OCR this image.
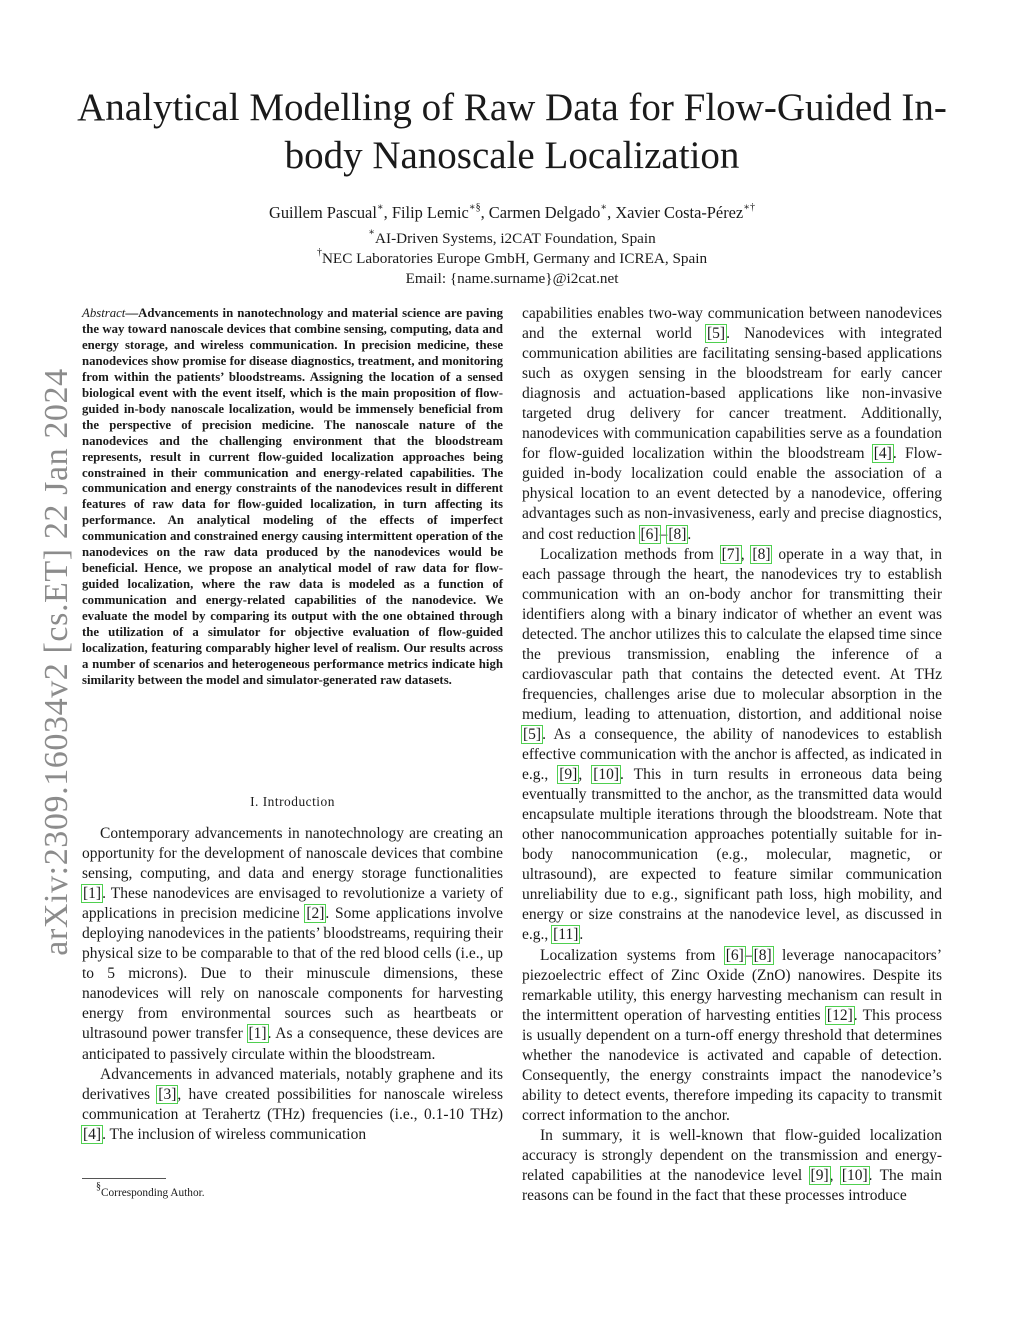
arXiv:2309.16034v2 [cs.ET] 22 Jan 2024
Analytical Modelling of Raw Data for Flow-Guided In-body Nanoscale Localization
Guillem Pascual∗, Filip Lemic∗§, Carmen Delgado∗, Xavier Costa-Pérez∗†
∗AI-Driven Systems, i2CAT Foundation, Spain
†NEC Laboratories Europe GmbH, Germany and ICREA, Spain
Email: {name.surname}@i2cat.net
Abstract—Advancements in nanotechnology and material science are paving the way toward nanoscale devices that combine sensing, computing, data and energy storage, and wireless communication. In precision medicine, these nanodevices show promise for disease diagnostics, treatment, and monitoring from within the patients’ bloodstreams. Assigning the location of a sensed biological event with the event itself, which is the main proposition of flow-guided in-body nanoscale localization, would be immensely beneficial from the perspective of precision medicine. The nanoscale nature of the nanodevices and the challenging environment that the bloodstream represents, result in current flow-guided localization approaches being constrained in their communication and energy-related capabilities. The communication and energy constraints of the nanodevices result in different features of raw data for flow-guided localization, in turn affecting its performance. An analytical modeling of the effects of imperfect communication and constrained energy causing intermittent operation of the nanodevices on the raw data produced by the nanodevices would be beneficial. Hence, we propose an analytical model of raw data for flow-guided localization, where the raw data is modeled as a function of communication and energy-related capabilities of the nanodevice. We evaluate the model by comparing its output with the one obtained through the utilization of a simulator for objective evaluation of flow-guided localization, featuring comparably higher level of realism. Our results across a number of scenarios and heterogeneous performance metrics indicate high similarity between the model and simulator-generated raw datasets.
I. Introduction

Contemporary advancements in nanotechnology are creating an opportunity for the development of nanoscale devices that combine sensing, computing, and data and energy storage functionalities [1]. These nanodevices are envisaged to revolutionize a variety of applications in precision medicine [2]. Some applications involve deploying nanodevices in the patients’ bloodstreams, requiring their physical size to be comparable to that of the red blood cells (i.e., up to 5 microns). Due to their minuscule dimensions, these nanodevices will rely on nanoscale components for harvesting energy from environmental sources such as heartbeats or ultrasound power transfer [1]. As a consequence, these devices are anticipated to passively circulate within the bloodstream.

Advancements in advanced materials, notably graphene and its derivatives [3], have created possibilities for nanoscale wireless communication at Terahertz (THz) frequencies (i.e., 0.1-10 THz) [4]. The inclusion of wireless communication

capabilities enables two-way communication between nanodevices and the external world [5]. Nanodevices with integrated communication abilities are facilitating sensing-based applications such as oxygen sensing in the bloodstream for early cancer diagnosis and actuation-based applications like non-invasive targeted drug delivery for cancer treatment. Additionally, nanodevices with communication capabilities serve as a foundation for flow-guided localization within the bloodstream [4]. Flow-guided in-body localization could enable the association of a physical location to an event detected by a nanodevice, offering advantages such as non-invasiveness, early and precise diagnostics, and cost reduction [6]–[8].

Localization methods from [7], [8] operate in a way that, in each passage through the heart, the nanodevices try to establish communication with an on-body anchor for transmitting their identifiers along with a binary indicator of whether an event was detected. The anchor utilizes this to calculate the elapsed time since the previous transmission, enabling the inference of a cardiovascular path that contains the detected event. At THz frequencies, challenges arise due to molecular absorption in the medium, leading to attenuation, distortion, and additional noise [5]. As a consequence, the ability of nanodevices to establish effective communication with the anchor is affected, as indicated in e.g., [9], [10]. This in turn results in erroneous data being eventually transmitted to the anchor, as the transmitted data would encapsulate multiple iterations through the bloodstream. Note that other nanocommunication approaches potentially suitable for in-body nanocommunication (e.g., molecular, magnetic, or ultrasound), are expected to feature similar communication unreliability due to e.g., significant path loss, high mobility, and energy or size constrains at the nanodevice level, as discussed in e.g., [11].

Localization systems from [6]–[8] leverage nanocapacitors’ piezoelectric effect of Zinc Oxide (ZnO) nanowires. Despite its remarkable utility, this energy harvesting mechanism can result in the intermittent operation of harvesting entities [12]. This process is usually dependent on a turn-off energy threshold that determines whether the nanodevice is activated and capable of detection. Consequently, the energy constraints impact the nanodevice’s ability to detect events, therefore impeding its capacity to transmit correct information to the anchor.

In summary, it is well-known that flow-guided localization accuracy is strongly dependent on the transmission and energy-related capabilities at the nanodevice level [9], [10]. The main reasons can be found in the fact that these processes introduce

§Corresponding Author.
